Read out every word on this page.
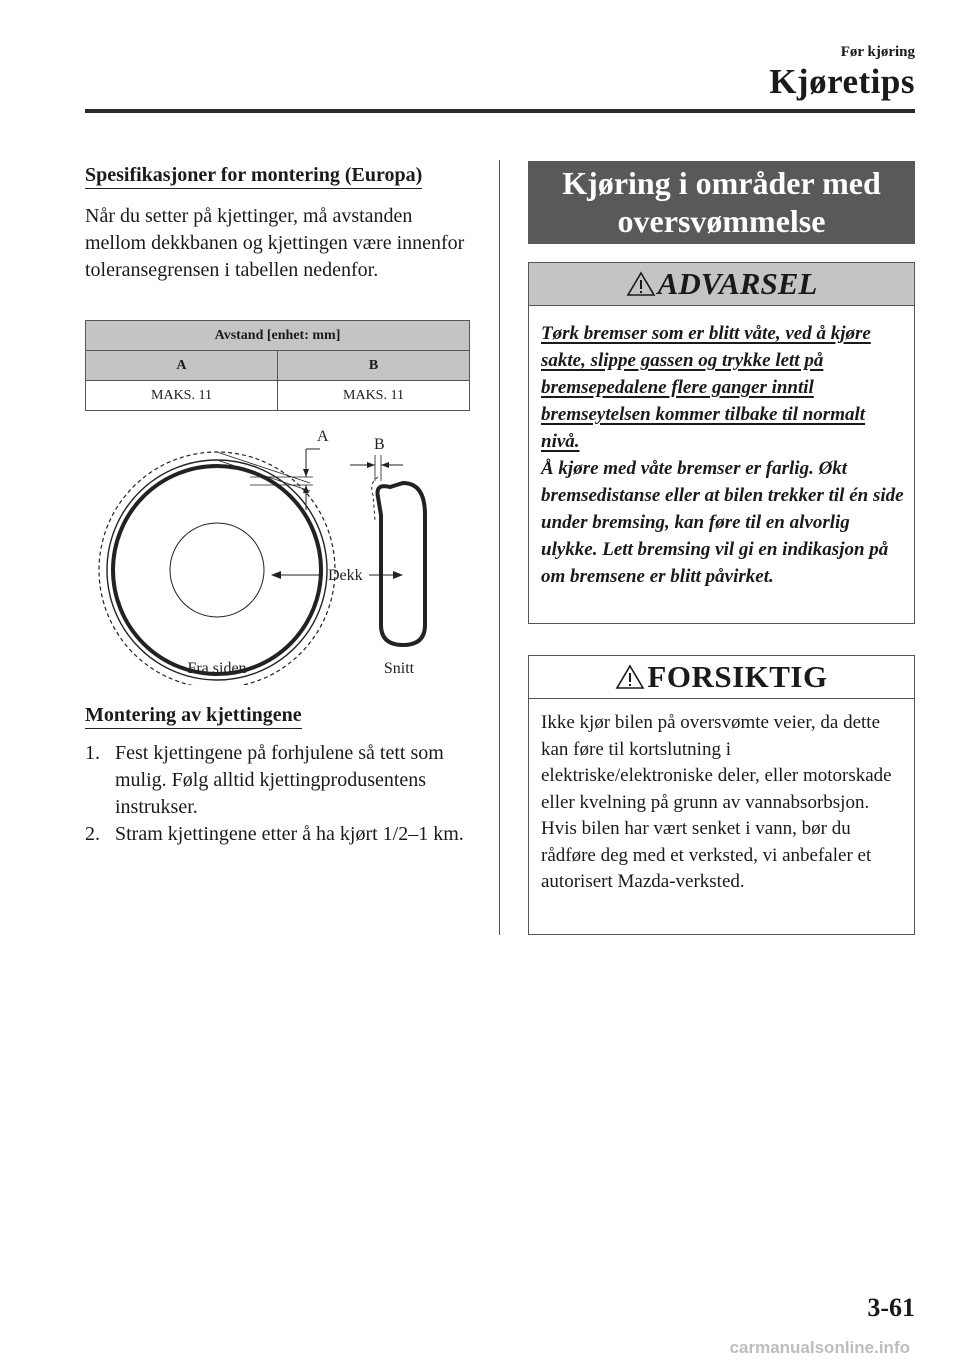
Før kjøring
Kjøretips
Spesifikasjoner for montering (Europa)
Når du setter på kjettinger, må avstanden mellom dekkbanen og kjettingen være innenfor toleransegrensen i tabellen nedenfor.
Avstand [enhet: mm]	
A	B
MAKS. 11	MAKS. 11
A
Dekk
B
Fra siden	Snitt
Montering av kjettingene
1. Fest kjettingene på forhjulene så tett som mulig. Følg alltid kjettingprodusentens instrukser.
2. Stram kjettingene etter å ha kjørt 1/2–1 km.
Kjøring i områder med oversvømmelse
ADVARSEL
Tørk bremser som er blitt våte, ved å kjøre sakte, slippe gassen og trykke lett på bremsepedalene flere ganger inntil bremseytelsen kommer tilbake til normalt nivå.
Å kjøre med våte bremser er farlig. Økt bremsedistanse eller at bilen trekker til én side under bremsing, kan føre til en alvorlig ulykke. Lett bremsing vil gi en indikasjon på om bremsene er blitt påvirket.
FORSIKTIG
Ikke kjør bilen på oversvømte veier, da dette kan føre til kortslutning i elektriske/elektroniske deler, eller motorskade eller kvelning på grunn av vannabsorbsjon. Hvis bilen har vært senket i vann, bør du rådføre deg med et verksted, vi anbefaler et autorisert Mazda-verksted.
3-61
carmanualsonline.info
